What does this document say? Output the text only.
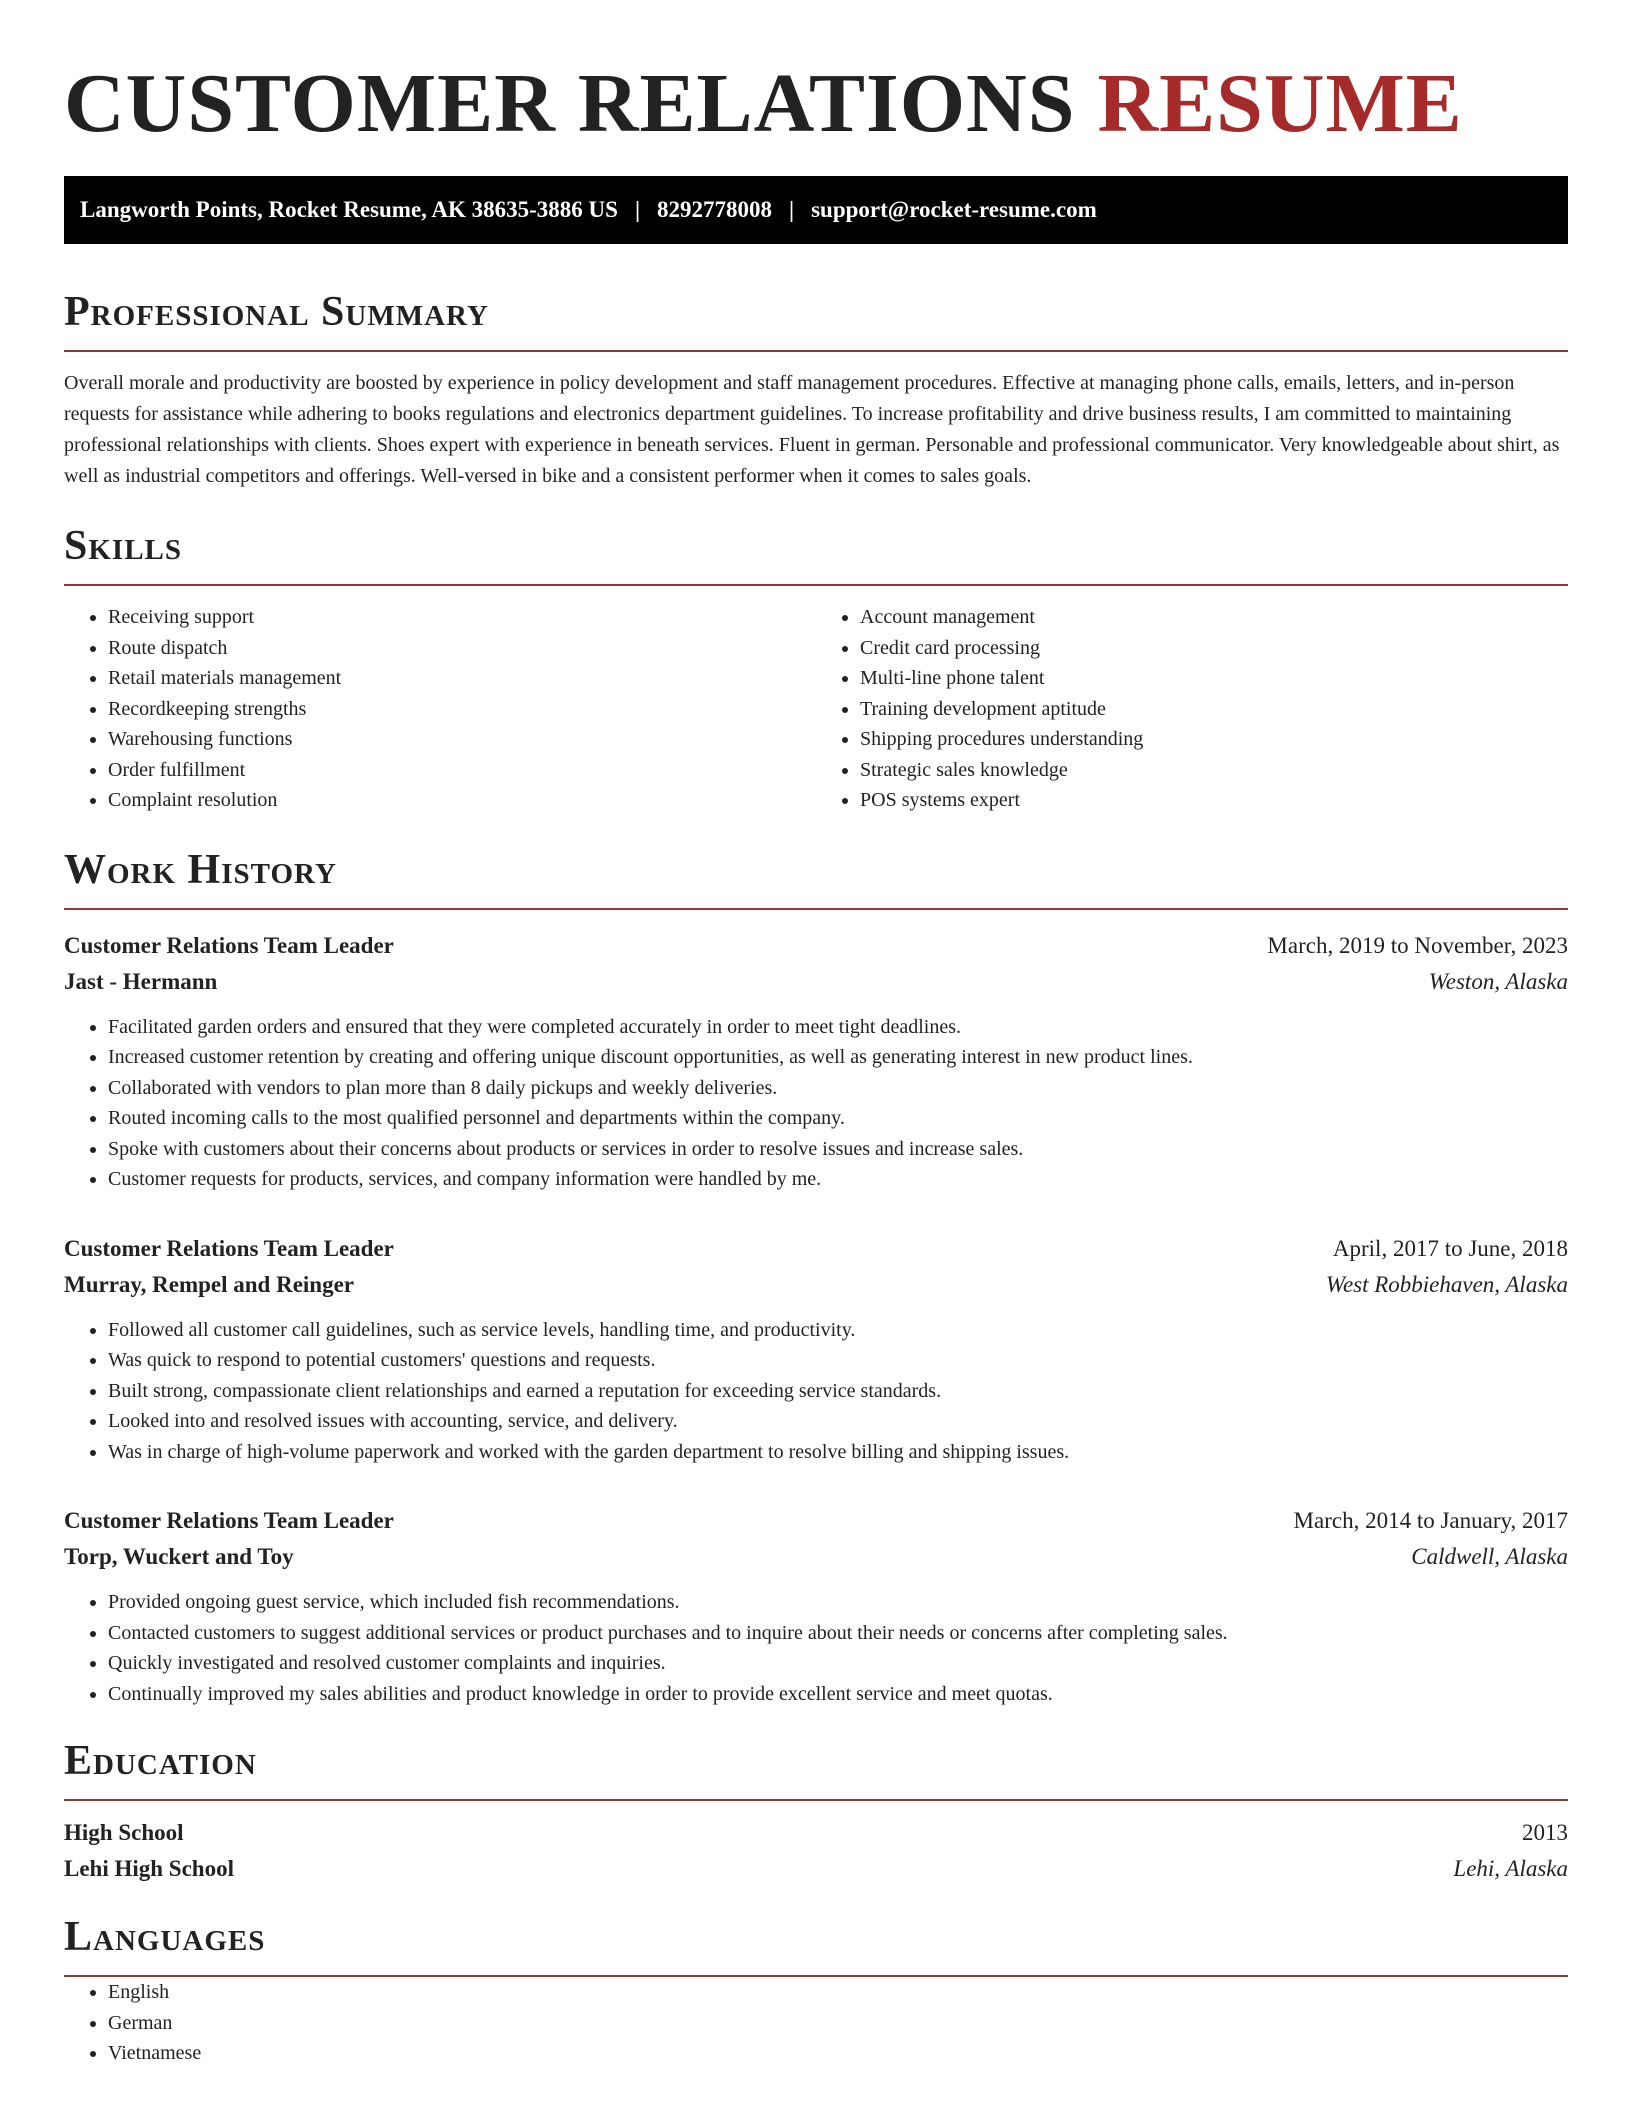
CUSTOMER RELATIONS RESUME
Langworth Points, Rocket Resume, AK 38635-3886 US | 8292778008 | support@rocket-resume.com
Professional Summary

Overall morale and productivity are boosted by experience in policy development and staff management procedures. Effective at managing phone calls, emails, letters, and in-person requests for assistance while adhering to books regulations and electronics department guidelines. To increase profitability and drive business results, I am committed to maintaining professional relationships with clients. Shoes expert with experience in beneath services. Fluent in german. Personable and professional communicator. Very knowledgeable about shirt, as well as industrial competitors and offerings. Well-versed in bike and a consistent performer when it comes to sales goals.

Skills
• Receiving support
• Route dispatch
• Retail materials management
• Recordkeeping strengths
• Warehousing functions
• Order fulfillment
• Complaint resolution
• Account management
• Credit card processing
• Multi-line phone talent
• Training development aptitude
• Shipping procedures understanding
• Strategic sales knowledge
• POS systems expert
Work History
Customer Relations Team Leader	March, 2019 to November, 2023
Jast - Hermann	Weston, Alaska
• Facilitated garden orders and ensured that they were completed accurately in order to meet tight deadlines.
• Increased customer retention by creating and offering unique discount opportunities, as well as generating interest in new product lines.
• Collaborated with vendors to plan more than 8 daily pickups and weekly deliveries.
• Routed incoming calls to the most qualified personnel and departments within the company.
• Spoke with customers about their concerns about products or services in order to resolve issues and increase sales.
• Customer requests for products, services, and company information were handled by me.
Customer Relations Team Leader	April, 2017 to June, 2018
Murray, Rempel and Reinger	West Robbiehaven, Alaska
• Followed all customer call guidelines, such as service levels, handling time, and productivity.
• Was quick to respond to potential customers' questions and requests.
• Built strong, compassionate client relationships and earned a reputation for exceeding service standards.
• Looked into and resolved issues with accounting, service, and delivery.
• Was in charge of high-volume paperwork and worked with the garden department to resolve billing and shipping issues.
Customer Relations Team Leader	March, 2014 to January, 2017
Torp, Wuckert and Toy	Caldwell, Alaska
• Provided ongoing guest service, which included fish recommendations.
• Contacted customers to suggest additional services or product purchases and to inquire about their needs or concerns after completing sales.
• Quickly investigated and resolved customer complaints and inquiries.
• Continually improved my sales abilities and product knowledge in order to provide excellent service and meet quotas.
Education
High School	2013
Lehi High School	Lehi, Alaska
Languages
• English
• German
• Vietnamese
